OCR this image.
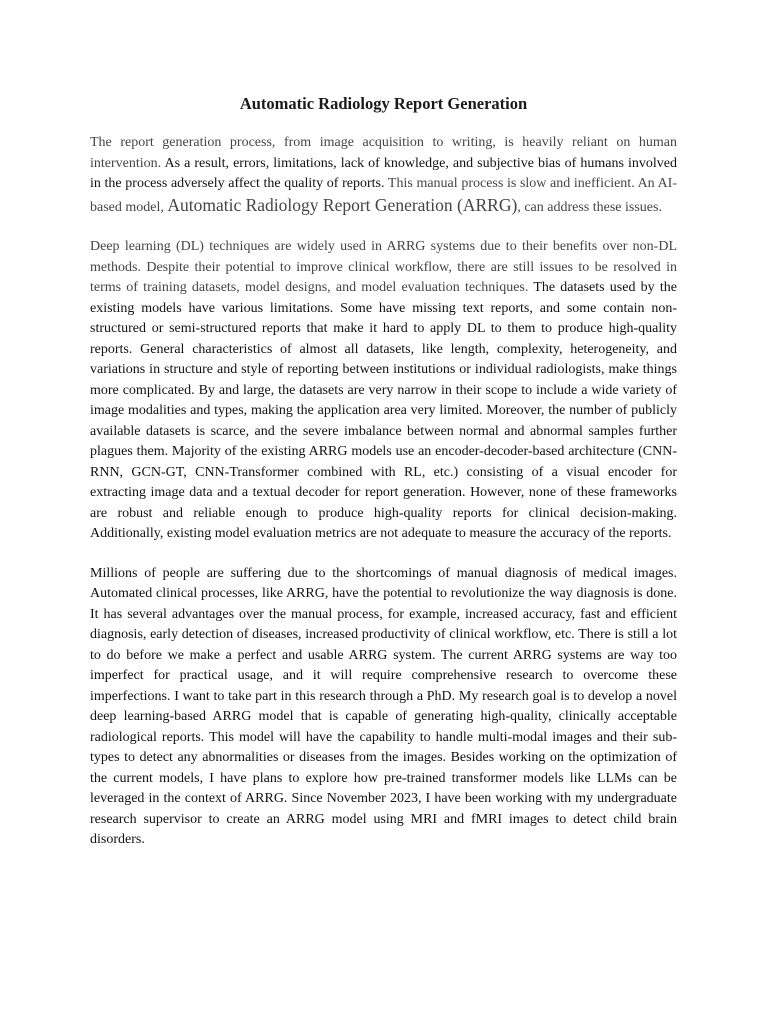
Automatic Radiology Report Generation

The report generation process, from image acquisition to writing, is heavily reliant on human intervention. As a result, errors, limitations, lack of knowledge, and subjective bias of humans involved in the process adversely affect the quality of reports. This manual process is slow and inefficient. An AI-based model, Automatic Radiology Report Generation (ARRG), can address these issues.

Deep learning (DL) techniques are widely used in ARRG systems due to their benefits over non-DL methods. Despite their potential to improve clinical workflow, there are still issues to be resolved in terms of training datasets, model designs, and model evaluation techniques. The datasets used by the existing models have various limitations. Some have missing text reports, and some contain non-structured or semi-structured reports that make it hard to apply DL to them to produce high-quality reports. General characteristics of almost all datasets, like length, complexity, heterogeneity, and variations in structure and style of reporting between institutions or individual radiologists, make things more complicated. By and large, the datasets are very narrow in their scope to include a wide variety of image modalities and types, making the application area very limited. Moreover, the number of publicly available datasets is scarce, and the severe imbalance between normal and abnormal samples further plagues them. Majority of the existing ARRG models use an encoder-decoder-based architecture (CNN-RNN, GCN-GT, CNN-Transformer combined with RL, etc.) consisting of a visual encoder for extracting image data and a textual decoder for report generation. However, none of these frameworks are robust and reliable enough to produce high-quality reports for clinical decision-making. Additionally, existing model evaluation metrics are not adequate to measure the accuracy of the reports.

Millions of people are suffering due to the shortcomings of manual diagnosis of medical images. Automated clinical processes, like ARRG, have the potential to revolutionize the way diagnosis is done. It has several advantages over the manual process, for example, increased accuracy, fast and efficient diagnosis, early detection of diseases, increased productivity of clinical workflow, etc. There is still a lot to do before we make a perfect and usable ARRG system. The current ARRG systems are way too imperfect for practical usage, and it will require comprehensive research to overcome these imperfections. I want to take part in this research through a PhD. My research goal is to develop a novel deep learning-based ARRG model that is capable of generating high-quality, clinically acceptable radiological reports. This model will have the capability to handle multi-modal images and their sub-types to detect any abnormalities or diseases from the images. Besides working on the optimization of the current models, I have plans to explore how pre-trained transformer models like LLMs can be leveraged in the context of ARRG. Since November 2023, I have been working with my undergraduate research supervisor to create an ARRG model using MRI and fMRI images to detect child brain disorders.
